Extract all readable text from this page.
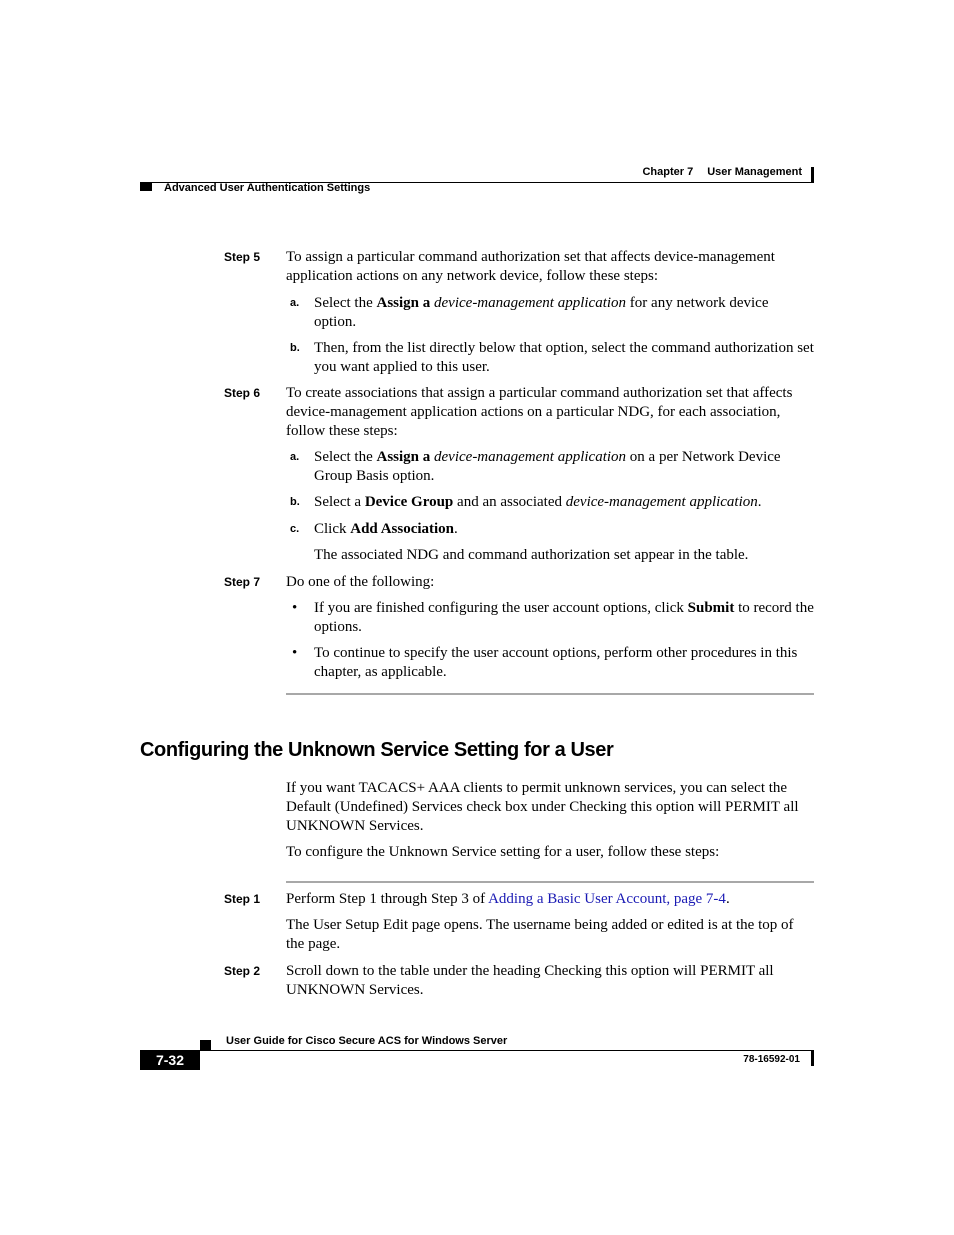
Chapter 7 User Management
Advanced User Authentication Settings
Step 5 To assign a particular command authorization set that affects device-management application actions on any network device, follow these steps:
a. Select the Assign a device-management application for any network device option.
b. Then, from the list directly below that option, select the command authorization set you want applied to this user.
Step 6 To create associations that assign a particular command authorization set that affects device-management application actions on a particular NDG, for each association, follow these steps:
a. Select the Assign a device-management application on a per Network Device Group Basis option.
b. Select a Device Group and an associated device-management application.
c. Click Add Association.
The associated NDG and command authorization set appear in the table.
Step 7 Do one of the following:
• If you are finished configuring the user account options, click Submit to record the options.
• To continue to specify the user account options, perform other procedures in this chapter, as applicable.
Configuring the Unknown Service Setting for a User
If you want TACACS+ AAA clients to permit unknown services, you can select the Default (Undefined) Services check box under Checking this option will PERMIT all UNKNOWN Services.
To configure the Unknown Service setting for a user, follow these steps:
Step 1 Perform Step 1 through Step 3 of Adding a Basic User Account, page 7-4.
The User Setup Edit page opens. The username being added or edited is at the top of the page.
Step 2 Scroll down to the table under the heading Checking this option will PERMIT all UNKNOWN Services.
User Guide for Cisco Secure ACS for Windows Server
7-32	78-16592-01
